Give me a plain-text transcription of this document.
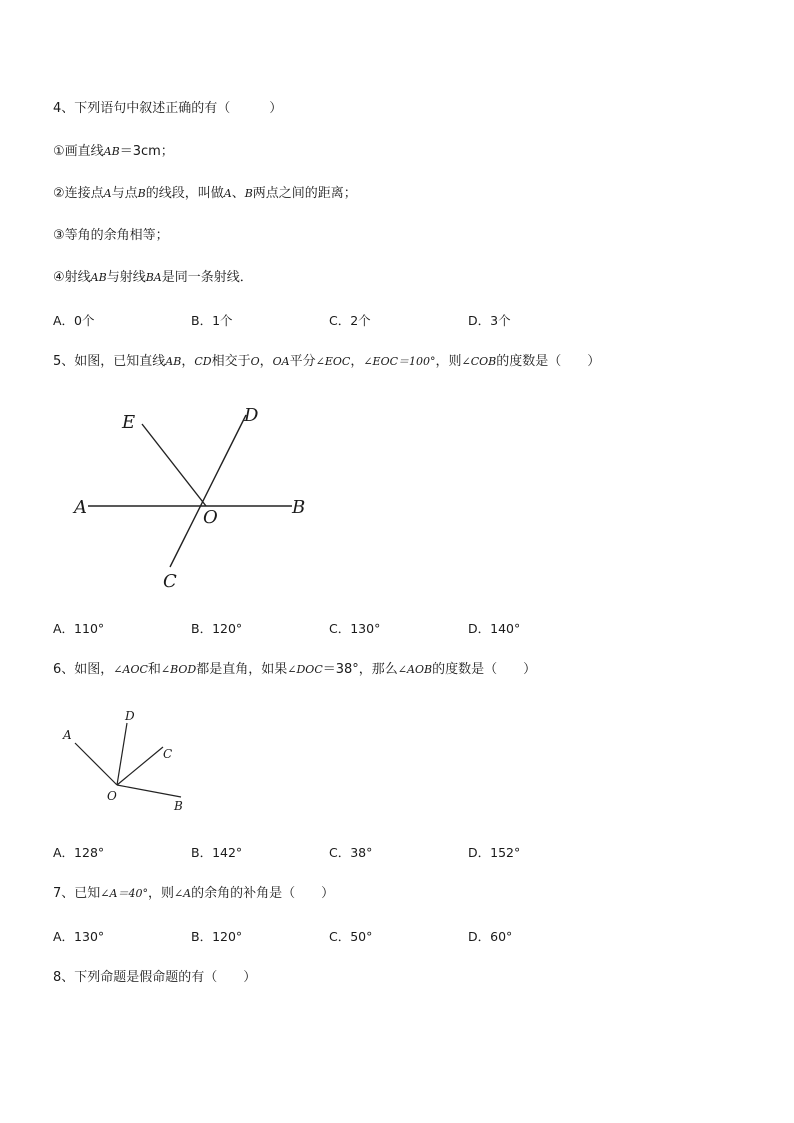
4、下列语句中叙述正确的有（　　　）
①画直线AB＝3cm；
②连接点A与点B的线段，叫做A、B两点之间的距离；
③等角的余角相等；
④射线AB与射线BA是同一条射线．
A．0个	B．1个	C．2个	D．3个
5、如图，已知直线AB，CD相交于O，OA平分∠EOC，∠EOC＝100°，则∠COB的度数是（　　）
E	D
A	O	B
C
A．110°	B．120°	C．130°	D．140°
6、如图，∠AOC和∠BOD都是直角，如果∠DOC＝38°，那么∠AOB的度数是（　　）
A
D
C
O
B
A．128°	B．142°	C．38°	D．152°
7、已知∠A＝40°，则∠A的余角的补角是（　　）
A．130°	B．120°	C．50°	D．60°
8、下列命题是假命题的有（　　）
